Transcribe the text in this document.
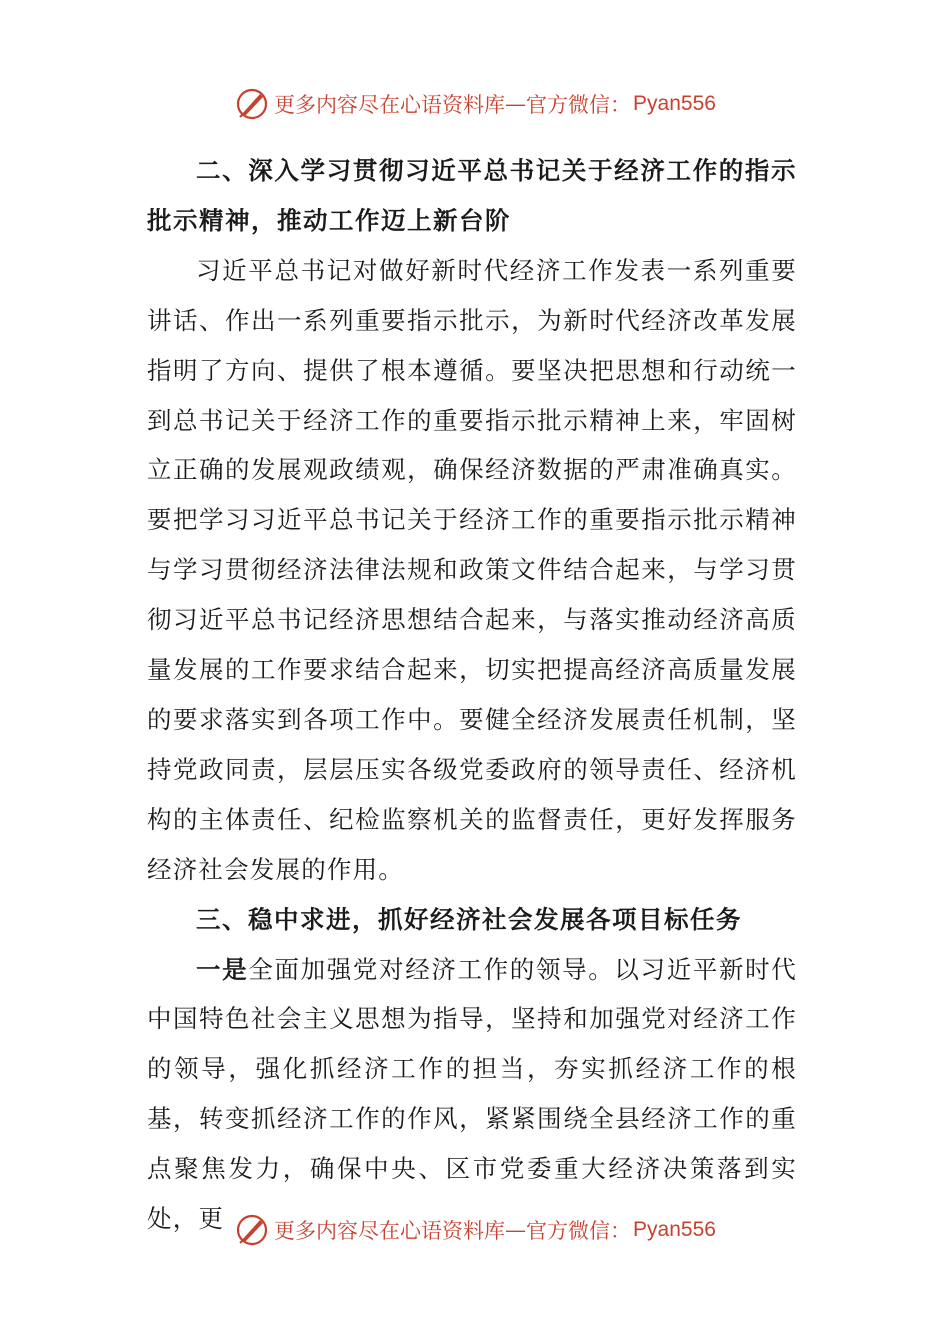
更多内容尽在心语资料库 — 官方微信： Pyan556

二、深入学习贯彻习近平总书记关于经济工作的指示批示精神，推动工作迈上新台阶

习近平总书记对做好新时代经济工作发表一系列重要讲话、作出一系列重要指示批示，为新时代经济改革发展指明了方向、提供了根本遵循。要坚决把思想和行动统一到总书记关于经济工作的重要指示批示精神上来，牢固树立正确的发展观政绩观，确保经济数据的严肃准确真实。要把学习习近平总书记关于经济工作的重要指示批示精神与学习贯彻经济法律法规和政策文件结合起来，与学习贯彻习近平总书记经济思想结合起来，与落实推动经济高质量发展的工作要求结合起来，切实把提高经济高质量发展的要求落实到各项工作中。要健全经济发展责任机制，坚持党政同责，层层压实各级党委政府的领导责任、经济机构的主体责任、纪检监察机关的监督责任，更好发挥服务经济社会发展的作用。

三、稳中求进，抓好经济社会发展各项目标任务

一是全面加强党对经济工作的领导。以习近平新时代中国特色社会主义思想为指导，坚持和加强党对经济工作的领导，强化抓经济工作的担当，夯实抓经济工作的根基，转变抓经济工作的作风，紧紧围绕全县经济工作的重点聚焦发力，确保中央、区市党委重大经济决策落到实处，更	更多内容尽在心语资料库 — 官方微信： Pyan556
